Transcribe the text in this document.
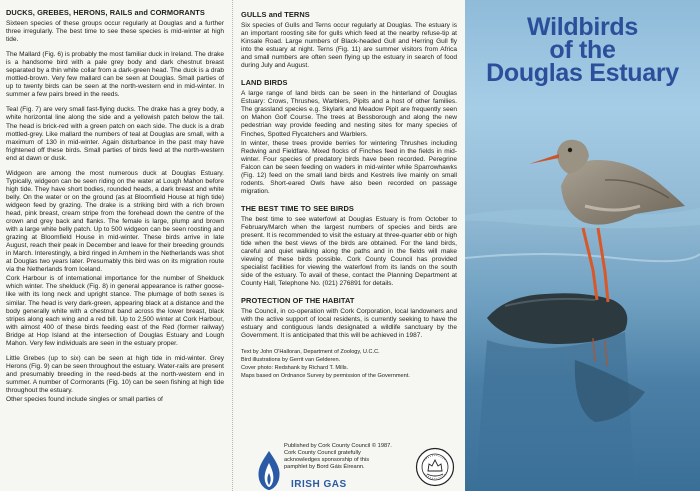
DUCKS, GREBES, HERONS, RAILS and CORMORANTS

Sixteen species of these groups occur regularly at Douglas and a further three irregularly. The best time to see these species is mid-winter at high tide.

The Mallard (Fig. 6) is probably the most familiar duck in Ireland. The drake is a handsome bird with a pale grey body and dark chestnut breast separated by a thin white collar from a dark-green head. The duck is a drab mottled-brown. Very few mallard can be seen at Douglas. Small parties of up to twenty birds can be seen at the north-western end in mid-winter. In summer a few pairs breed in the reeds.

Teal (Fig. 7) are very small fast-flying ducks. The drake has a grey body, a white horizontal line along the side and a yellowish patch below the tail. The head is brick-red with a green patch on each side. The duck is a drab mottled-grey. Like mallard the numbers of teal at Douglas are small, with a maximum of 130 in mid-winter. Again disturbance in the past may have frightened off these birds. Small parties of birds feed at the north-western end at dawn or dusk.

Widgeon are among the most numerous duck at Douglas Estuary. Typically, widgeon can be seen riding on the water at Lough Mahon before high tide. They have short bodies, rounded heads, a dark breast and white belly. On the water or on the ground (as at Bloomfield House at high tide) widgeon feed by grazing. The drake is a striking bird with a rich brown head, pink breast, cream stripe from the forehead down the centre of the crown and grey back and flanks. The female is large, plump and brown with a large white belly patch. Up to 500 widgeon can be seen roosting and grazing at Bloomfield House in mid-winter. These birds arrive in late August, reach their peak in December and leave for their breeding grounds in March. Interestingly, a bird ringed in Arnhem in the Netherlands was shot at Douglas two years later. Presumably this bird was on its migration route via the Netherlands from Iceland.

Cork Harbour is of international importance for the number of Shelduck which winter. The shelduck (Fig. 8) in general appearance is rather goose-like with its long neck and upright stance. The plumage of both sexes is similar. The head is very dark-green, appearing black at a distance and the body generally white with a chestnut band across the lower breast, black stripes along each wing and a red bill. Up to 2,500 winter at Cork Harbour, with almost 400 of these birds feeding east of the Red (former railway) Bridge at Hop Island at the intersection of Douglas Estuary and Lough Mahon. Very few individuals are seen in the estuary proper.

Little Grebes (up to six) can be seen at high tide in mid-winter. Grey Herons (Fig. 9) can be seen throughout the estuary. Water-rails are present and presumably breeding in the reed-beds at the north-western end in summer. A number of Cormorants (Fig. 10) can be seen fishing at high tide throughout the estuary.

Other species found include singles or small parties of

GULLS and TERNS

Six species of Gulls and Terns occur regularly at Douglas. The estuary is an important roosting site for gulls which feed at the nearby refuse-tip at Kinsale Road. Large numbers of Black-headed Gull and Herring Gull fly into the estuary at night. Terns (Fig. 11) are summer visitors from Africa and small numbers are often seen flying up the estuary in search of food during July and August.

LAND BIRDS

A large range of land birds can be seen in the hinterland of Douglas Estuary: Crows, Thrushes, Warblers, Pipits and a host of other families. The grassland species e.g. Skylark and Meadow Pipit are frequently seen on Mahon Golf Course. The trees at Bessborough and along the new pedestrian way provide feeding and nesting sites for many species of Finches, Spotted Flycatchers and Warblers.

In winter, these trees provide berries for wintering Thrushes including Redwing and Fieldfare. Mixed flocks of Finches feed in the fields in mid-winter. Four species of predatory birds have been recorded. Peregrine Falcon can be seen feeding on waders in mid-winter while Sparrowhawks (Fig. 12) feed on the small land birds and Kestrels live mainly on small rodents. Short-eared Owls have also been recorded on passage migration.

THE BEST TIME TO SEE BIRDS

The best time to see waterfowl at Douglas Estuary is from October to February/March when the largest numbers of species and birds are present. It is recommended to visit the estuary at three-quarter ebb or high tide when the best views of the birds are obtained. For the land birds, careful and quiet walking along the paths and in the fields will make viewing of these birds possible. Cork County Council has provided specialist facilities for viewing the waterfowl from its lands on the south side of the estuary. To avail of these, contact the Planning Department at County Hall, Telephone No. (021) 276891 for details.

PROTECTION OF THE HABITAT

The Council, in co-operation with Cork Corporation, local landowners and with the active support of local residents, is currently seeking to have the estuary and contiguous lands designated a wildlife sanctuary by the Government. It is anticipated that this will be achieved in 1987.

Text by John O'Halloran, Department of Zoology, U.C.C.

Bird illustrations by Gerrit van Gelderen.

Cover photo: Redshank by Richard T. Mills.

Maps based on Ordnance Survey by permission of the Government.

Published by Cork County Council © 1987.
Cork County Council gratefully
acknowledges sponsorship of this
pamphlet by Bord Gáis Éireann.
IRISH GAS
Wildbirds
of the
Douglas Estuary
